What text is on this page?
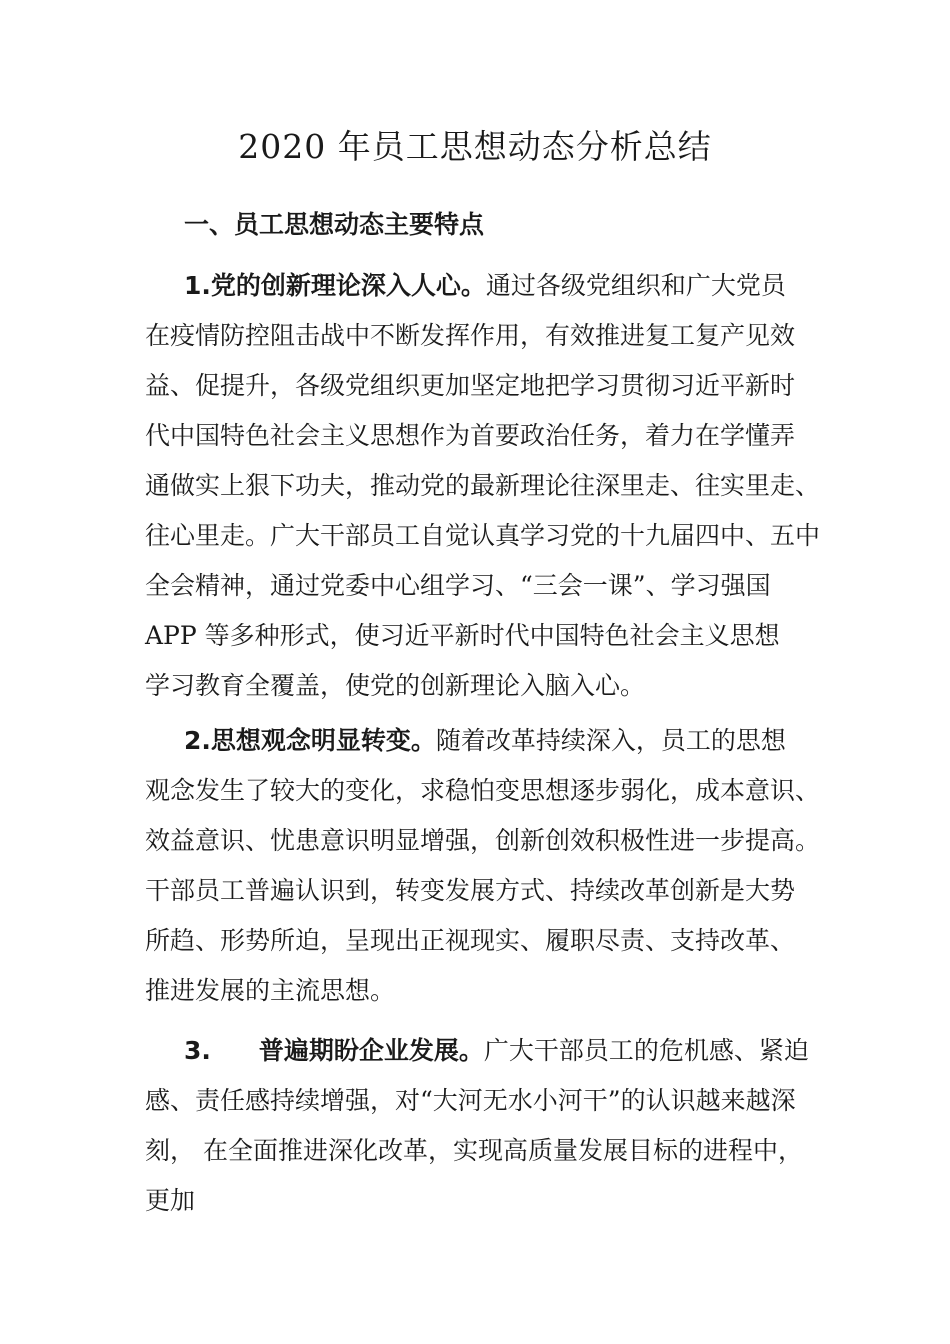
2020 年员工思想动态分析总结
一、员工思想动态主要特点
1.党的创新理论深入人心。通过各级党组织和广大党员
在疫情防控阻击战中不断发挥作用，有效推进复工复产见效
益、促提升，各级党组织更加坚定地把学习贯彻习近平新时
代中国特色社会主义思想作为首要政治任务，着力在学懂弄
通做实上狠下功夫，推动党的最新理论往深里走、往实里走、
往心里走。广大干部员工自觉认真学习党的十九届四中、五中
全会精神，通过党委中心组学习、“三会一课”、学习强国
APP 等多种形式，使习近平新时代中国特色社会主义思想
学习教育全覆盖，使党的创新理论入脑入心。
2.思想观念明显转变。随着改革持续深入，员工的思想
观念发生了较大的变化，求稳怕变思想逐步弱化，成本意识、
效益意识、忧患意识明显增强，创新创效积极性进一步提高。
干部员工普遍认识到，转变发展方式、持续改革创新是大势
所趋、形势所迫，呈现出正视现实、履职尽责、支持改革、
推进发展的主流思想。
3. 普遍期盼企业发展。广大干部员工的危机感、紧迫
感、责任感持续增强，对“大河无水小河干”的认识越来越深
刻， 在全面推进深化改革，实现高质量发展目标的进程中，
更加
